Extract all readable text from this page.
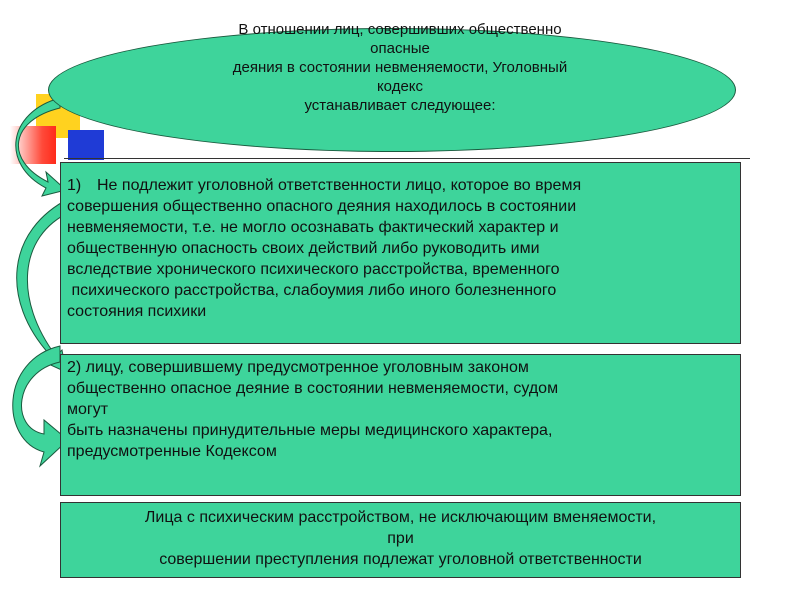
В отношении лиц, совершивших общественно
опасные
деяния в состоянии невменяемости, Уголовный
кодекс
устанавливает следующее:
1) Не подлежит уголовной ответственности лицо, которое во время
совершения общественно опасного деяния находилось в состоянии
невменяемости, т.е. не могло осознавать фактический характер и
общественную опасность своих действий либо руководить ими
вследствие хронического психического расстройства, временного
психического расстройства, слабоумия либо иного болезненного
состояния психики
2) лицу, совершившему предусмотренное уголовным законом
общественно опасное деяние в состоянии невменяемости, судом
могут
быть назначены принудительные меры медицинского характера,
предусмотренные Кодексом
Лица с психическим расстройством, не исключающим вменяемости,
при
совершении преступления подлежат уголовной ответственности
